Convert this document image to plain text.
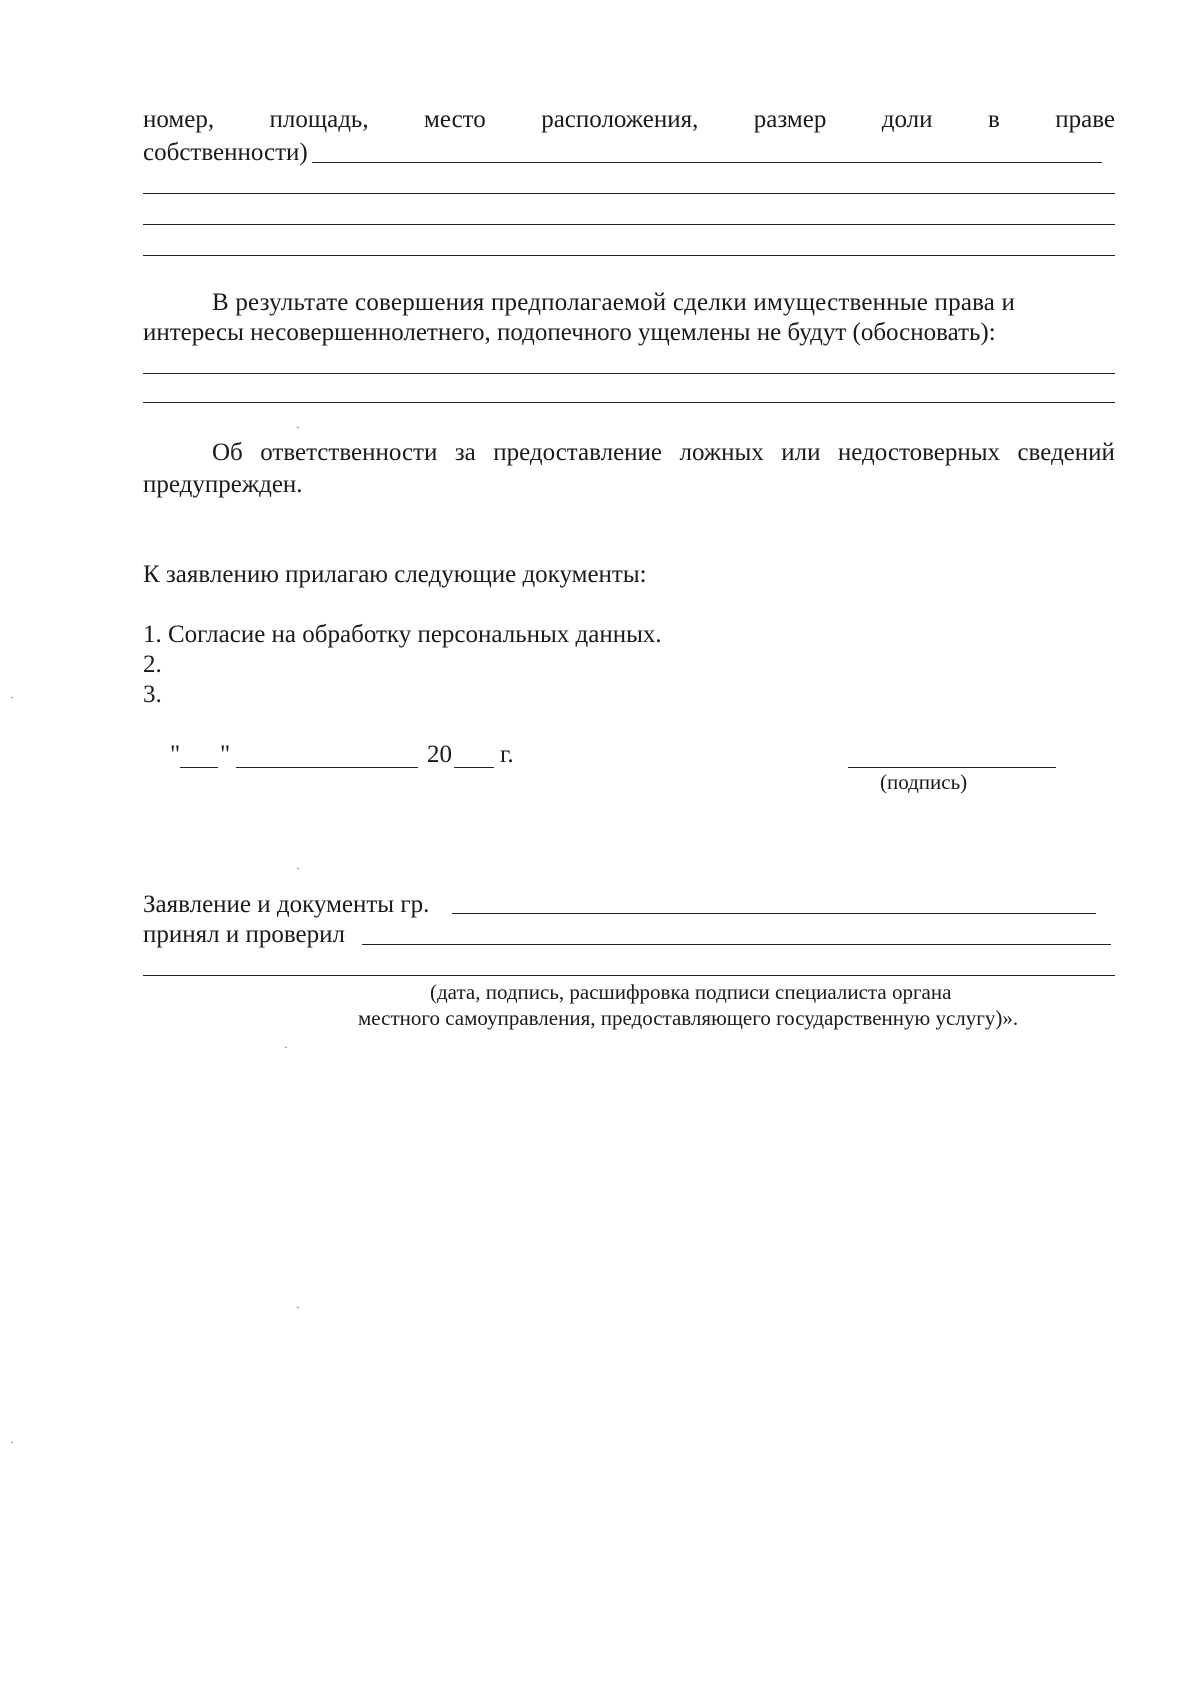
номер, площадь, место расположения, размер доли в праве
собственности)
В результате совершения предполагаемой сделки имущественные права и
интересы несовершеннолетнего, подопечного ущемлены не будут (обосновать):
Об ответственности за предоставление ложных или недостоверных сведений
предупрежден.
К заявлению прилагаю следующие документы:
1. Согласие на обработку персональных данных.
2.
3.
" "	20 г.
(подпись)
Заявление и документы гр.
принял и проверил
(дата, подпись, расшифровка подписи специалиста органа
местного самоуправления, предоставляющего государственную услугу)».
ˎ
ˎ
ˎ
·
·
·
